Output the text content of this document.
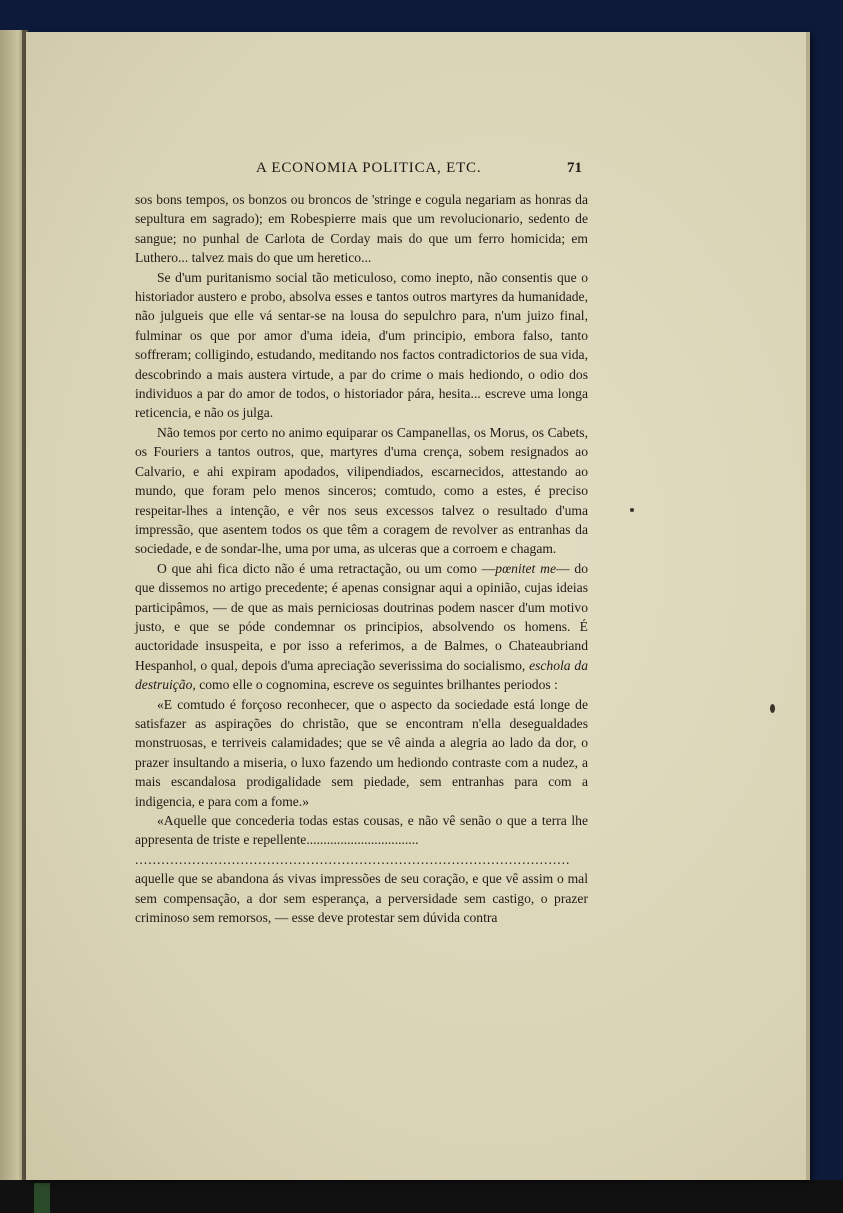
A ECONOMIA POLITICA, ETC.	71

sos bons tempos, os bonzos ou broncos de 'stringe e cogula negariam as honras da sepultura em sagrado); em Robespierre mais que um revolucionario, sedento de sangue; no punhal de Carlota de Corday mais do que um ferro homicida; em Luthero... talvez mais do que um heretico...

Se d'um puritanismo social tão meticuloso, como inepto, não consentis que o historiador austero e probo, absolva esses e tantos outros martyres da humanidade, não julgueis que elle vá sentar-se na lousa do sepulchro para, n'um juizo final, fulminar os que por amor d'uma ideia, d'um principio, embora falso, tanto soffreram; colligindo, estudando, meditando nos factos contradictorios de sua vida, descobrindo a mais austera virtude, a par do crime o mais hediondo, o odio dos individuos a par do amor de todos, o historiador pára, hesita... escreve uma longa reticencia, e não os julga.

Não temos por certo no animo equiparar os Campanellas, os Morus, os Cabets, os Fouriers a tantos outros, que, martyres d'uma crença, sobem resignados ao Calvario, e ahi expiram apodados, vilipendiados, escarnecidos, attestando ao mundo, que foram pelo menos sinceros; comtudo, como a estes, é preciso respeitar-lhes a intenção, e vêr nos seus excessos talvez o resultado d'uma impressão, que asentem todos os que têm a coragem de revolver as entranhas da sociedade, e de sondar-lhe, uma por uma, as ulceras que a corroem e chagam.

O que ahi fica dicto não é uma retractação, ou um como —pœnitet me— do que dissemos no artigo precedente; é apenas consignar aqui a opinião, cujas ideias participâmos, — de que as mais perniciosas doutrinas podem nascer d'um motivo justo, e que se póde condemnar os principios, absolvendo os homens. É auctoridade insuspeita, e por isso a referimos, a de Balmes, o Chateaubriand Hespanhol, o qual, depois d'uma apreciação severissima do socialismo, eschola da destruição, como elle o cognomina, escreve os seguintes brilhantes periodos :

«E comtudo é forçoso reconhecer, que o aspecto da sociedade está longe de satisfazer as aspirações do christão, que se encontram n'ella desegualdades monstruosas, e terriveis calamidades; que se vê ainda a alegria ao lado da dor, o prazer insultando a miseria, o luxo fazendo um hediondo contraste com a nudez, a mais escandalosa prodigalidade sem piedade, sem entranhas para com a indigencia, e para com a fome.»

«Aquelle que concederia todas estas cousas, e não vê senão o que a terra lhe appresenta de triste e repellente.................................

...................................................................................................

aquelle que se abandona ás vivas impressões de seu coração, e que vê assim o mal sem compensação, a dor sem esperança, a perversidade sem castigo, o prazer criminoso sem remorsos, — esse deve protestar sem dúvida contra
